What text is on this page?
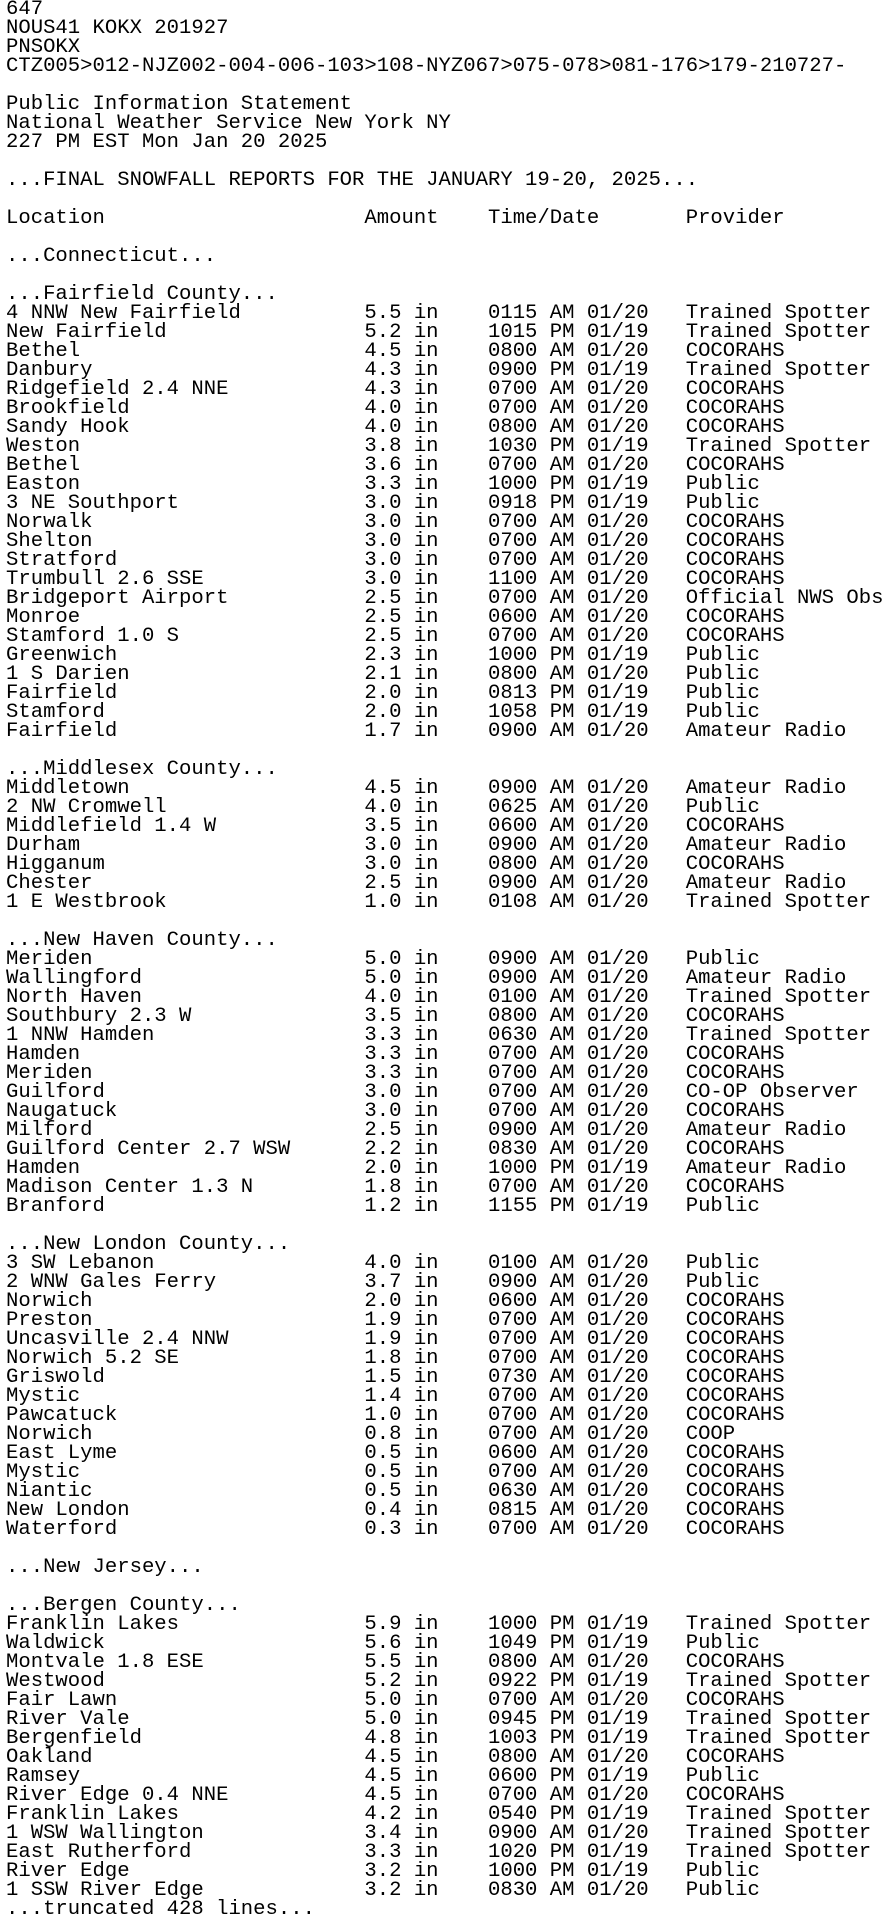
647
NOUS41 KOKX 201927
PNSOKX
CTZ005>012-NJZ002-004-006-103>108-NYZ067>075-078>081-176>179-210727-

Public Information Statement
National Weather Service New York NY
227 PM EST Mon Jan 20 2025

...FINAL SNOWFALL REPORTS FOR THE JANUARY 19-20, 2025...

Location                     Amount    Time/Date       Provider

...Connecticut...

...Fairfield County...
4 NNW New Fairfield          5.5 in    0115 AM 01/20   Trained Spotter
New Fairfield                5.2 in    1015 PM 01/19   Trained Spotter
Bethel                       4.5 in    0800 AM 01/20   COCORAHS
Danbury                      4.3 in    0900 PM 01/19   Trained Spotter
Ridgefield 2.4 NNE           4.3 in    0700 AM 01/20   COCORAHS
Brookfield                   4.0 in    0700 AM 01/20   COCORAHS
Sandy Hook                   4.0 in    0800 AM 01/20   COCORAHS
Weston                       3.8 in    1030 PM 01/19   Trained Spotter
Bethel                       3.6 in    0700 AM 01/20   COCORAHS
Easton                       3.3 in    1000 PM 01/19   Public
3 NE Southport               3.0 in    0918 PM 01/19   Public
Norwalk                      3.0 in    0700 AM 01/20   COCORAHS
Shelton                      3.0 in    0700 AM 01/20   COCORAHS
Stratford                    3.0 in    0700 AM 01/20   COCORAHS
Trumbull 2.6 SSE             3.0 in    1100 AM 01/20   COCORAHS
Bridgeport Airport           2.5 in    0700 AM 01/20   Official NWS Obs
Monroe                       2.5 in    0600 AM 01/20   COCORAHS
Stamford 1.0 S               2.5 in    0700 AM 01/20   COCORAHS
Greenwich                    2.3 in    1000 PM 01/19   Public
1 S Darien                   2.1 in    0800 AM 01/20   Public
Fairfield                    2.0 in    0813 PM 01/19   Public
Stamford                     2.0 in    1058 PM 01/19   Public
Fairfield                    1.7 in    0900 AM 01/20   Amateur Radio

...Middlesex County...
Middletown                   4.5 in    0900 AM 01/20   Amateur Radio
2 NW Cromwell                4.0 in    0625 AM 01/20   Public
Middlefield 1.4 W            3.5 in    0600 AM 01/20   COCORAHS
Durham                       3.0 in    0900 AM 01/20   Amateur Radio
Higganum                     3.0 in    0800 AM 01/20   COCORAHS
Chester                      2.5 in    0900 AM 01/20   Amateur Radio
1 E Westbrook                1.0 in    0108 AM 01/20   Trained Spotter

...New Haven County...
Meriden                      5.0 in    0900 AM 01/20   Public
Wallingford                  5.0 in    0900 AM 01/20   Amateur Radio
North Haven                  4.0 in    0100 AM 01/20   Trained Spotter
Southbury 2.3 W              3.5 in    0800 AM 01/20   COCORAHS
1 NNW Hamden                 3.3 in    0630 AM 01/20   Trained Spotter
Hamden                       3.3 in    0700 AM 01/20   COCORAHS
Meriden                      3.3 in    0700 AM 01/20   COCORAHS
Guilford                     3.0 in    0700 AM 01/20   CO-OP Observer
Naugatuck                    3.0 in    0700 AM 01/20   COCORAHS
Milford                      2.5 in    0900 AM 01/20   Amateur Radio
Guilford Center 2.7 WSW      2.2 in    0830 AM 01/20   COCORAHS
Hamden                       2.0 in    1000 PM 01/19   Amateur Radio
Madison Center 1.3 N         1.8 in    0700 AM 01/20   COCORAHS
Branford                     1.2 in    1155 PM 01/19   Public

...New London County...
3 SW Lebanon                 4.0 in    0100 AM 01/20   Public
2 WNW Gales Ferry            3.7 in    0900 AM 01/20   Public
Norwich                      2.0 in    0600 AM 01/20   COCORAHS
Preston                      1.9 in    0700 AM 01/20   COCORAHS
Uncasville 2.4 NNW           1.9 in    0700 AM 01/20   COCORAHS
Norwich 5.2 SE               1.8 in    0700 AM 01/20   COCORAHS
Griswold                     1.5 in    0730 AM 01/20   COCORAHS
Mystic                       1.4 in    0700 AM 01/20   COCORAHS
Pawcatuck                    1.0 in    0700 AM 01/20   COCORAHS
Norwich                      0.8 in    0700 AM 01/20   COOP
East Lyme                    0.5 in    0600 AM 01/20   COCORAHS
Mystic                       0.5 in    0700 AM 01/20   COCORAHS
Niantic                      0.5 in    0630 AM 01/20   COCORAHS
New London                   0.4 in    0815 AM 01/20   COCORAHS
Waterford                    0.3 in    0700 AM 01/20   COCORAHS

...New Jersey...

...Bergen County...
Franklin Lakes               5.9 in    1000 PM 01/19   Trained Spotter
Waldwick                     5.6 in    1049 PM 01/19   Public
Montvale 1.8 ESE             5.5 in    0800 AM 01/20   COCORAHS
Westwood                     5.2 in    0922 PM 01/19   Trained Spotter
Fair Lawn                    5.0 in    0700 AM 01/20   COCORAHS
River Vale                   5.0 in    0945 PM 01/19   Trained Spotter
Bergenfield                  4.8 in    1003 PM 01/19   Trained Spotter
Oakland                      4.5 in    0800 AM 01/20   COCORAHS
Ramsey                       4.5 in    0600 PM 01/19   Public
River Edge 0.4 NNE           4.5 in    0700 AM 01/20   COCORAHS
Franklin Lakes               4.2 in    0540 PM 01/19   Trained Spotter
1 WSW Wallington             3.4 in    0900 AM 01/20   Trained Spotter
East Rutherford              3.3 in    1020 PM 01/19   Trained Spotter
River Edge                   3.2 in    1000 PM 01/19   Public
1 SSW River Edge             3.2 in    0830 AM 01/20   Public
...truncated 428 lines...
